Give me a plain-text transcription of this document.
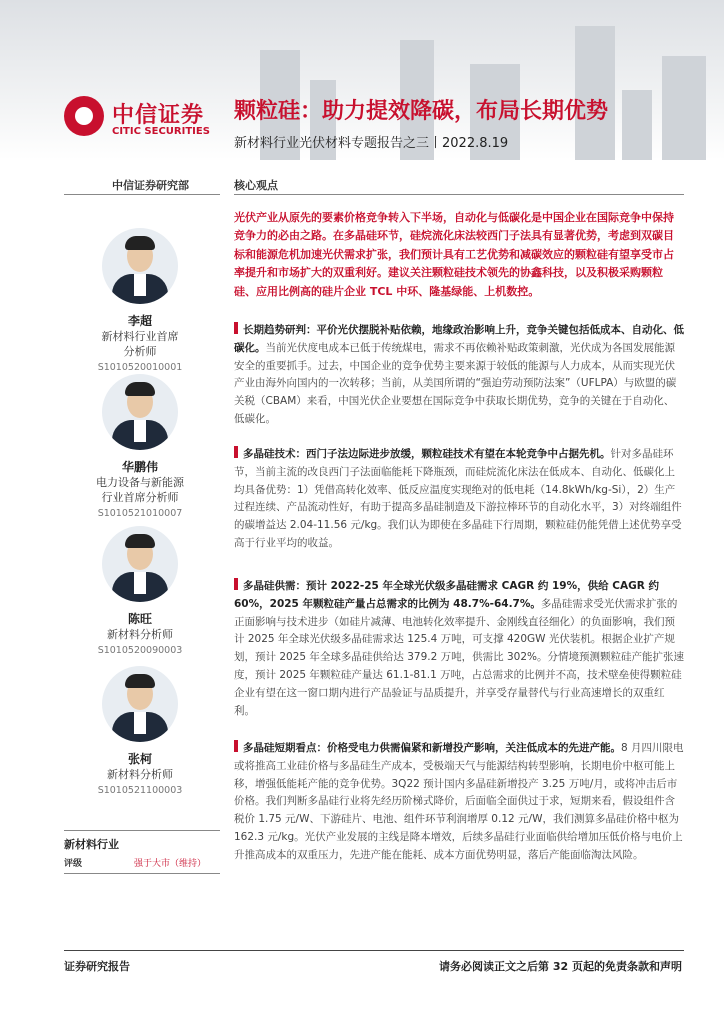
中信证券
CITIC SECURITIES
颗粒硅：助力提效降碳，布局长期优势
新材料行业光伏材料专题报告之三丨2022.8.19
中信证券研究部	核心观点
李超
新材料行业首席
分析师
S1010520010001
华鹏伟
电力设备与新能源
行业首席分析师
S1010521010007
陈旺
新材料分析师
S1010520090003
张柯
新材料分析师
S1010521100003
新材料行业
评级	强于大市（维持）
光伏产业从原先的要素价格竞争转入下半场，自动化与低碳化是中国企业在国际竞争中保持竞争力的必由之路。在多晶硅环节，硅烷流化床法较西门子法具有显著优势，考虑到双碳目标和能源危机加速光伏需求扩张，我们预计具有工艺优势和减碳效应的颗粒硅有望享受市占率提升和市场扩大的双重利好。建议关注颗粒硅技术领先的协鑫科技，以及积极采购颗粒硅、应用比例高的硅片企业 TCL 中环、隆基绿能、上机数控。
长期趋势研判：平价光伏摆脱补贴依赖，地缘政治影响上升，竞争关键包括低成本、自动化、低碳化。当前光伏度电成本已低于传统煤电，需求不再依赖补贴政策刺激，光伏成为各国发展能源安全的重要抓手。过去，中国企业的竞争优势主要来源于较低的能源与人力成本，从而实现光伏产业由海外向国内的一次转移；当前，从美国所谓的“强迫劳动预防法案”（UFLPA）与欧盟的碳关税（CBAM）来看，中国光伏企业要想在国际竞争中获取长期优势，竞争的关键在于自动化、低碳化。
多晶硅技术：西门子法边际进步放缓，颗粒硅技术有望在本轮竞争中占据先机。针对多晶硅环节，当前主流的改良西门子法面临能耗下降瓶颈，而硅烷流化床法在低成本、自动化、低碳化上均具备优势：1）凭借高转化效率、低反应温度实现绝对的低电耗（14.8kWh/kg-Si），2）生产过程连续、产品流动性好，有助于提高多晶硅制造及下游拉棒环节的自动化水平，3）对终端组件的碳增益达 2.04-11.56 元/kg。我们认为即使在多晶硅下行周期，颗粒硅仍能凭借上述优势享受高于行业平均的收益。
多晶硅供需：预计 2022-25 年全球光伏级多晶硅需求 CAGR 约 19%，供给 CAGR 约 60%，2025 年颗粒硅产量占总需求的比例为 48.7%-64.7%。多晶硅需求受光伏需求扩张的正面影响与技术进步（如硅片减薄、电池转化效率提升、金刚线直径细化）的负面影响，我们预计 2025 年全球光伏级多晶硅需求达 125.4 万吨，可支撑 420GW 光伏装机。根据企业扩产规划，预计 2025 年全球多晶硅供给达 379.2 万吨，供需比 302%。分情境预测颗粒硅产能扩张速度，预计 2025 年颗粒硅产量达 61.1-81.1 万吨，占总需求的比例并不高，技术壁垒使得颗粒硅企业有望在这一窗口期内进行产品验证与品质提升，并享受存量替代与行业高速增长的双重红利。
多晶硅短期看点：价格受电力供需偏紧和新增投产影响，关注低成本的先进产能。8 月四川限电或将推高工业硅价格与多晶硅生产成本，受极端天气与能源结构转型影响，长期电价中枢可能上移，增强低能耗产能的竞争优势。3Q22 预计国内多晶硅新增投产 3.25 万吨/月，或将冲击后市价格。我们判断多晶硅行业将先经历阶梯式降价，后面临全面供过于求，短期来看，假设组件含税价 1.75 元/W、下游硅片、电池、组件环节利润增厚 0.12 元/W，我们测算多晶硅价格中枢为 162.3 元/kg。光伏产业发展的主线是降本增效，后续多晶硅行业面临供给增加压低价格与电价上升推高成本的双重压力，先进产能在能耗、成本方面优势明显，落后产能面临淘汰风险。
证券研究报告	请务必阅读正文之后第 32 页起的免责条款和声明
